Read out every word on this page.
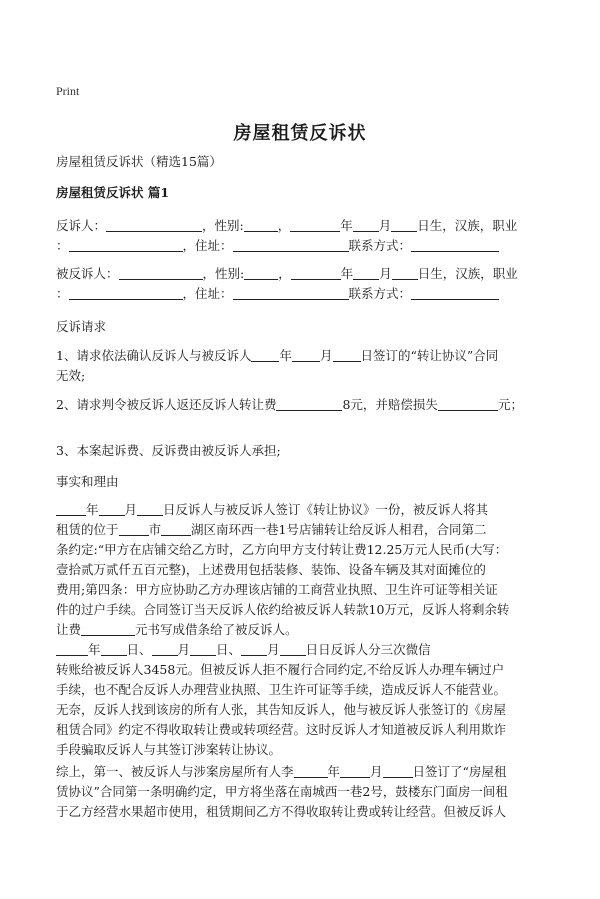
Print
房屋租赁反诉状
房屋租赁反诉状（精选15篇）
房屋租赁反诉状 篇1
反诉人：	，性别:	，	年 月 日生，汉族，职业
：	，住址：	联系方式：
被反诉人：	，性别:	，	年 月 日生，汉族，职业
：	，住址：	联系方式：
反诉请求

1、请求依法确认反诉人与被反诉人 年 月 日签订的“转让协议”合同

无效;

2、请求判令被反诉人返还反诉人转让费	8元，并赔偿损失	元；
3、本案起诉费、反诉费由被反诉人承担;
事实和理由

年 月 日反诉人与被反诉人签订《转让协议》一份，被反诉人将其

租赁的位于 市 湖区南环西一巷1号店铺转让给反诉人相君，合同第二

条约定:“甲方在店铺交给乙方时，乙方向甲方支付转让费12.25万元人民币(大写：

壹拾贰万贰仟五百元整)，上述费用包括装修、装饰、设备车辆及其对面摊位的

费用;第四条：甲方应协助乙方办理该店铺的工商营业执照、卫生许可证等相关证

件的过户手续。合同签订当天反诉人依约给被反诉人转款10万元，反诉人将剩余转

让费	元书写成借条给了被反诉人。

年 日、 月 日、 月 日日反诉人分三次微信

转账给被反诉人3458元。但被反诉人拒不履行合同约定,不给反诉人办理车辆过户

手续，也不配合反诉人办理营业执照、卫生许可证等手续，造成反诉人不能营业。

无奈，反诉人找到该房的所有人张，其告知反诉人，他与被反诉人张签订的《房屋

租赁合同》约定不得收取转让费或转项经营。这时反诉人才知道被反诉人利用欺诈

手段骗取反诉人与其签订涉案转让协议。

综上，第一、被反诉人与涉案房屋所有人李	年 月 日签订了“房屋租

赁协议”合同第一条明确约定，甲方将坐落在南城西一巷2号，鼓楼东门面房一间租

于乙方经营水果超市使用，租赁期间乙方不得收取转让费或转让经营。但被反诉人
